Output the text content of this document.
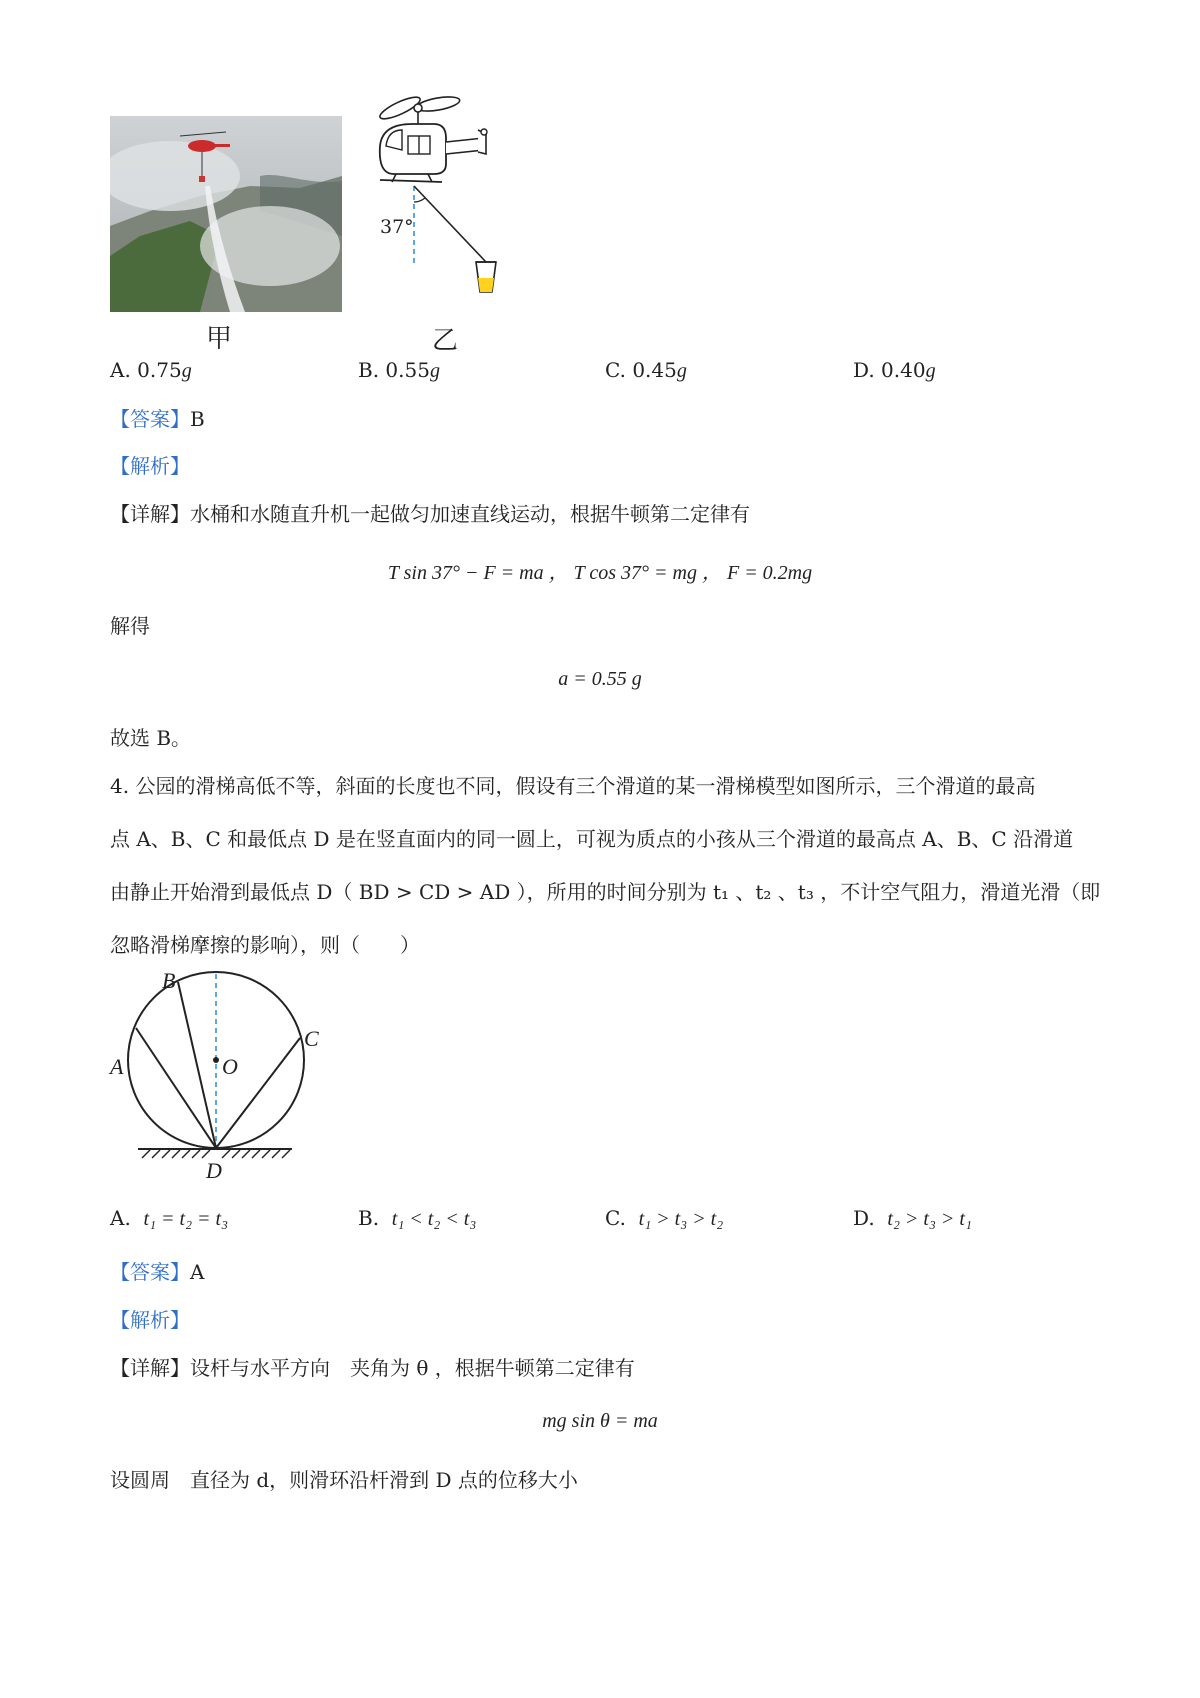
甲
37°
乙
A. 0.75g	B. 0.55g	C. 0.45g	D. 0.40g
【答案】B
【解析】
【详解】水桶和水随直升机一起做匀加速直线运动，根据牛顿第二定律有
T sin 37° − F = ma ， T cos 37° = mg ， F = 0.2mg
解得
a = 0.55 g
故选 B。
4. 公园的滑梯高低不等，斜面的长度也不同，假设有三个滑道的某一滑梯模型如图所示，三个滑道的最高
点 A、B、C 和最低点 D 是在竖直面内的同一圆上，可视为质点的小孩从三个滑道的最高点 A、B、C 沿滑道
由静止开始滑到最低点 D（ BD > CD > AD ），所用的时间分别为 t₁ 、t₂ 、t₃ ，不计空气阻力，滑道光滑（即
忽略滑梯摩擦的影响），则（　　）
B
A	O
C
D
A. t₁ = t₂ = t₃	B. t₁ < t₂ < t₃	C. t₁ > t₃ > t₂	D. t₂ > t₃ > t₁
【答案】A
【解析】
【详解】设杆与水平方向　夹角为 θ ，根据牛顿第二定律有
mg sin θ = ma
设圆周　直径为 d，则滑环沿杆滑到 D 点的位移大小
